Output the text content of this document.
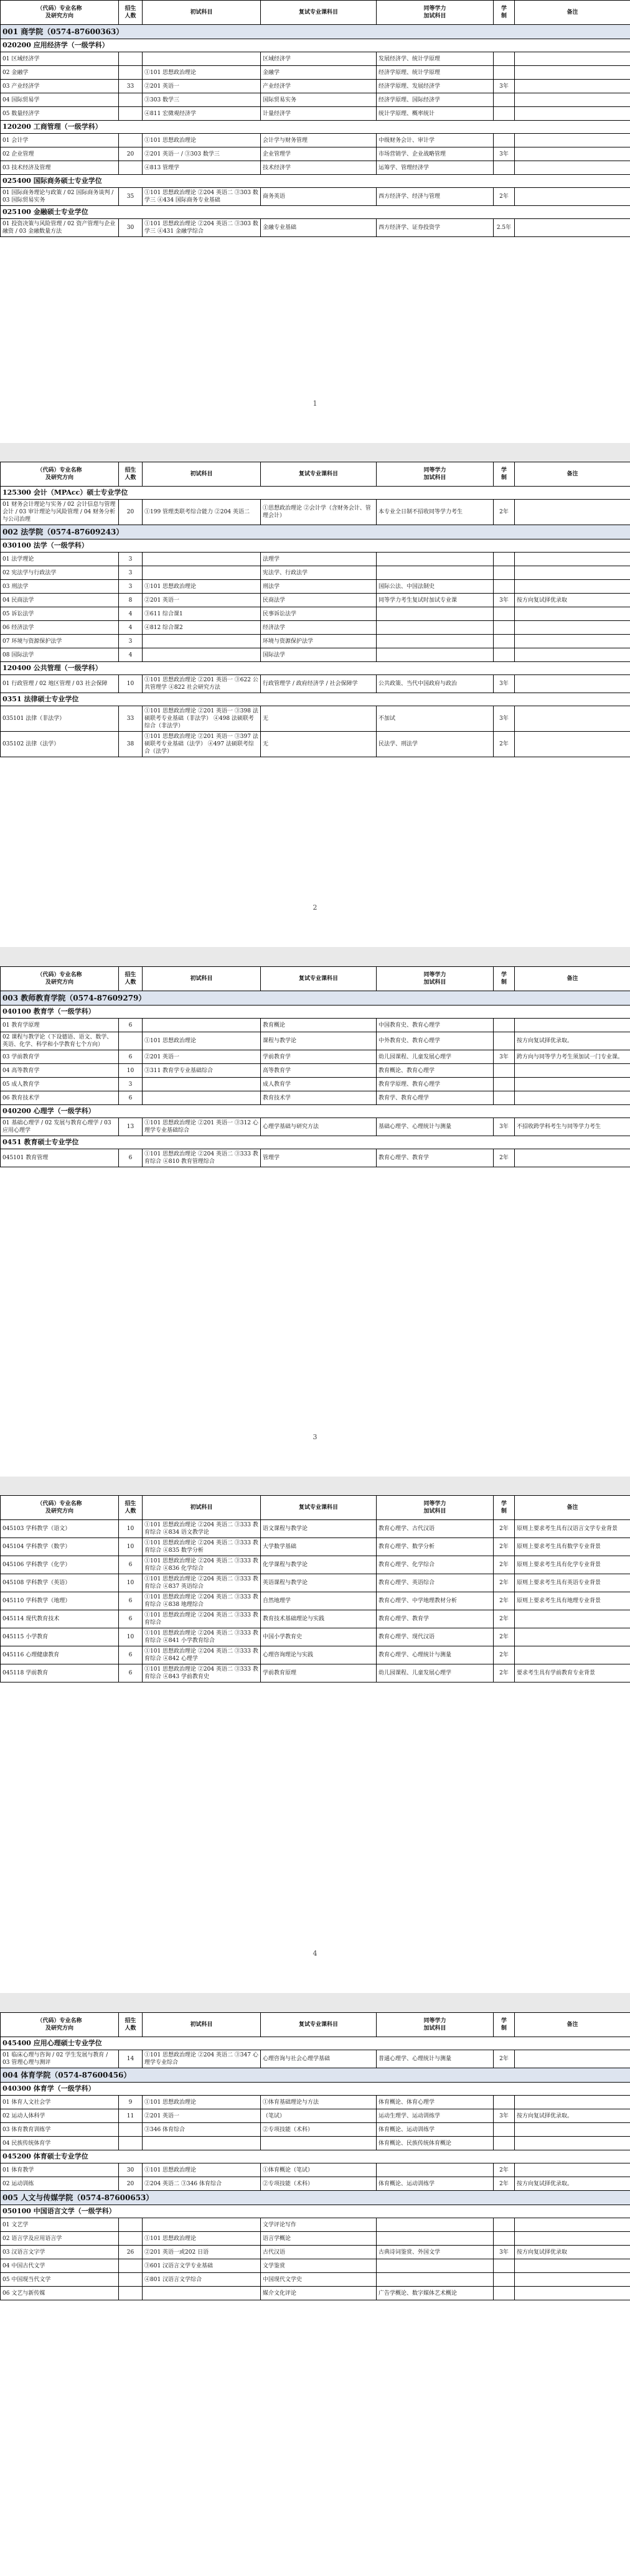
（代码）专业名称
及研究方向	招生
人数	初试科目	复试专业课科目	同等学力
加试科目	学
制	备注
001 商学院（0574-87600363）						
020200 应用经济学（一级学科）						
01 区域经济学			区域经济学	发展经济学、统计学原理		
02 金融学		①101 思想政治理论	金融学	经济学原理、统计学原理		
03 产业经济学	33	②201 英语一	产业经济学	经济学原理、发展经济学	3年	
04 国际贸易学		③303 数学三	国际贸易实务	经济学原理、国际经济学		
05 数量经济学		④811 宏微观经济学	计量经济学	统计学原理、概率统计		
120200 工商管理（一级学科）						
01 会计学		①101 思想政治理论	会计学与财务管理	中级财务会计、审计学		
02 企业管理	20	②201 英语一 / ③303 数学三	企业管理学	市场营销学、企业战略管理	3年	
03 技术经济及管理		④813 管理学	技术经济学	运筹学、管理经济学		
025400 国际商务硕士专业学位						
01 国际商务理论与政策 / 02 国际商务谈判 / 03 国际贸易实务	35	①101 思想政治理论 ②204 英语二 ③303 数学三 ④434 国际商务专业基础	商务英语	西方经济学、经济与管理	2年	
025100 金融硕士专业学位						
01 投资决策与风险管理 / 02 资产管理与企业融资 / 03 金融数量方法	30	①101 思想政治理论 ②204 英语二 ③303 数学三 ④431 金融学综合	金融专业基础	西方经济学、证券投资学	2.5年	
1
（代码）专业名称
及研究方向	招生
人数	初试科目	复试专业课科目	同等学力
加试科目	学
制	备注
125300 会计（MPAcc）硕士专业学位						
01 财务会计理论与实务 / 02 会计信息与管理会计 / 03 审计理论与风险管理 / 04 财务分析与公司治理	20	①199 管理类联考综合能力 ②204 英语二	①思想政治理论 ②会计学（含财务会计、管理会计）	本专业全日制不招收同等学力考生	2年	
002 法学院（0574-87609243）						
030100 法学（一级学科）						
01 法学理论	3		法理学			
02 宪法学与行政法学	3		宪法学、行政法学			
03 刑法学	3	①101 思想政治理论	刑法学	国际公法、中国法制史		
04 民商法学	8	②201 英语一	民商法学	同等学力考生复试时加试专业课	3年	按方向复试择优录取
05 诉讼法学	4	③611 综合课1	民事诉讼法学			
06 经济法学	4	④812 综合课2	经济法学			
07 环境与资源保护法学	3		环境与资源保护法学			
08 国际法学	4		国际法学			
120400 公共管理（一级学科）						
01 行政管理 / 02 地区管理 / 03 社会保障	10	①101 思想政治理论 ②201 英语一 ③622 公共管理学 ④822 社会研究方法	行政管理学 / 政府经济学 / 社会保障学	公共政策、当代中国政府与政治	3年	
0351 法律硕士专业学位						
035101 法律（非法学）	33	①101 思想政治理论 ②201 英语一 ③398 法硕联考专业基础（非法学） ④498 法硕联考综合（非法学）	无	不加试	3年	
035102 法律（法学）	38	①101 思想政治理论 ②201 英语一 ③397 法硕联考专业基础（法学） ④497 法硕联考综合（法学）	无	民法学、刑法学	2年	
2
（代码）专业名称
及研究方向	招生
人数	初试科目	复试专业课科目	同等学力
加试科目	学
制	备注
003 教师教育学院（0574-87609279）						
040100 教育学（一级学科）						
01 教育学原理	6		教育概论	中国教育史、教育心理学		
02 课程与教学论（下设德语、语文、数学、英语、化学、科学和小学教育七个方向）		①101 思想政治理论	课程与教学论	中外教育史、教育心理学		按方向复试择优录取。
03 学前教育学	6	②201 英语一	学前教育学	幼儿园课程、儿童发展心理学	3年	跨方向与同等学力考生须加试一门专业课。
04 高等教育学	10	③311 教育学专业基础综合	高等教育学	教育概论、教育心理学		
05 成人教育学	3		成人教育学	教育学原理、教育心理学		
06 教育技术学	6		教育技术学	教育学、教育心理学		
040200 心理学（一级学科）						
01 基础心理学 / 02 发展与教育心理学 / 03 应用心理学	13	①101 思想政治理论 ②201 英语一 ③312 心理学专业基础综合	心理学基础与研究方法	基础心理学、心理统计与测量	3年	不招收跨学科考生与同等学力考生
0451 教育硕士专业学位						
045101 教育管理	6	①101 思想政治理论 ②204 英语二 ③333 教育综合 ④810 教育管理综合	管理学	教育心理学、教育学	2年	
3
（代码）专业名称
及研究方向	招生
人数	初试科目	复试专业课科目	同等学力
加试科目	学
制	备注
045103 学科教学（语文）	10	①101 思想政治理论 ②204 英语二 ③333 教育综合 ④834 语文教学论	语文课程与教学论	教育心理学、古代汉语	2年	原则上要求考生具有汉语言文学专业背景
045104 学科教学（数学）	10	①101 思想政治理论 ②204 英语二 ③333 教育综合 ④835 数学分析	大学数学基础	教育心理学、数学分析	2年	原则上要求考生具有数学专业背景
045106 学科教学（化学）	6	①101 思想政治理论 ②204 英语二 ③333 教育综合 ④836 化学综合	化学课程与教学论	教育心理学、化学综合	2年	原则上要求考生具有化学专业背景
045108 学科教学（英语）	10	①101 思想政治理论 ②204 英语二 ③333 教育综合 ④837 英语综合	英语课程与教学论	教育心理学、英语综合	2年	原则上要求考生具有英语专业背景
045110 学科教学（地理）	6	①101 思想政治理论 ②204 英语二 ③333 教育综合 ④838 地理综合	自然地理学	教育心理学、中学地理教材分析	2年	原则上要求考生具有地理专业背景
045114 现代教育技术	6	①101 思想政治理论 ②204 英语二 ③333 教育综合	教育技术基础理论与实践	教育心理学、教育学	2年	
045115 小学教育	10	①101 思想政治理论 ②204 英语二 ③333 教育综合 ④841 小学教育综合	中国小学教育史	教育心理学、现代汉语	2年	
045116 心理健康教育	6	①101 思想政治理论 ②204 英语二 ③333 教育综合 ④842 心理学	心理咨询理论与实践	教育心理学、心理统计与测量	2年	
045118 学前教育	6	①101 思想政治理论 ②204 英语二 ③333 教育综合 ④843 学前教育史	学前教育原理	幼儿园课程、儿童发展心理学	2年	要求考生具有学前教育专业背景
4
（代码）专业名称
及研究方向	招生
人数	初试科目	复试专业课科目	同等学力
加试科目	学
制	备注
045400 应用心理硕士专业学位						
01 临床心理与咨询 / 02 学生发展与教育 / 03 管理心理与测评	14	①101 思想政治理论 ②204 英语二 ③347 心理学专业综合	心理咨询与社会心理学基础	普通心理学、心理统计与测量	2年	
004 体育学院（0574-87600456）						
040300 体育学（一级学科）						
01 体育人文社会学	9	①101 思想政治理论	①体育基础理论与方法	体育概论、体育心理学		
02 运动人体科学	11	②201 英语一	（笔试）	运动生理学、运动训练学	3年	按方向复试择优录取。
03 体育教育训练学		③346 体育综合	②专项技能（术科）	体育概论、运动训练学		
04 民族传统体育学				体育概论、民族传统体育概论		
045200 体育硕士专业学位						
01 体育教学	30	①101 思想政治理论	①体育概论（笔试）		2年	
02 运动训练	20	②204 英语二 ③346 体育综合	②专项技能（术科）	体育概论、运动训练学	2年	按方向复试择优录取。
005 人文与传媒学院（0574-87600653）						
050100 中国语言文学（一级学科）						
01 文艺学			文学评论写作			
02 语言学及应用语言学		①101 思想政治理论	语言学概论			
03 汉语言文字学	26	②201 英语一或202 日语	古代汉语	古典诗词鉴赏、外国文学	3年	按方向复试择优录取
04 中国古代文学		③601 汉语言文学专业基础	文学鉴赏			
05 中国现当代文学		④801 汉语言文学综合	中国现代文学史			
06 文艺与新传媒			媒介文化评论	广告学概论、数字媒体艺术概论		
